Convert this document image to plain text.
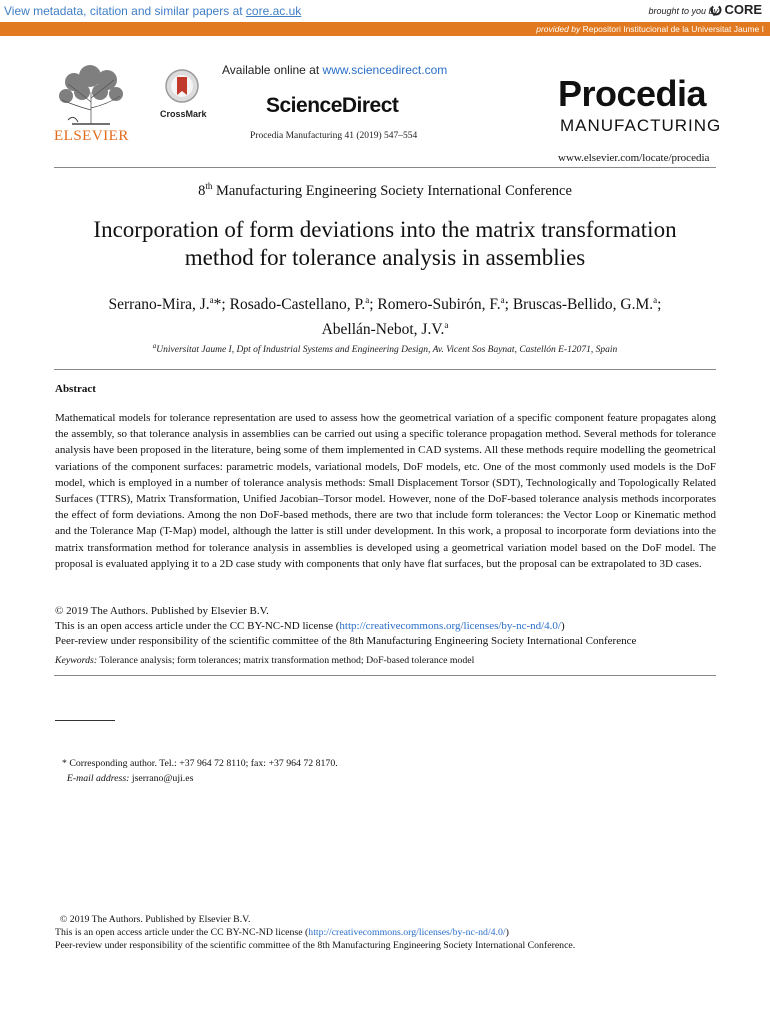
View metadata, citation and similar papers at core.ac.uk	brought to you by CORE
provided by Repositori Institucional de la Universitat Jaume I
ELSEVIER
CrossMark
Available online at www.sciencedirect.com
ScienceDirect
Procedia Manufacturing 41 (2019) 547–554
Procedia
MANUFACTURING
www.elsevier.com/locate/procedia
8th Manufacturing Engineering Society International Conference
Incorporation of form deviations into the matrix transformation
method for tolerance analysis in assemblies
Serrano-Mira, J.$^a$*; Rosado-Castellano, P.$^a$; Romero-Subirón, F.$^a$; Bruscas-Bellido, G.M.$^a$;
Abellán-Nebot, J.V.$^a$
$^a$Universitat Jaume I, Dpt of Industrial Systems and Engineering Design, Av. Vicent Sos Baynat, Castellón E-12071, Spain
Abstract
Mathematical models for tolerance representation are used to assess how the geometrical variation of a specific component feature propagates along the assembly, so that tolerance analysis in assemblies can be carried out using a specific tolerance propagation method. Several methods for tolerance analysis have been proposed in the literature, being some of them implemented in CAD systems. All these methods require modelling the geometrical variations of the component surfaces: parametric models, variational models, DoF models, etc. One of the most commonly used models is the DoF model, which is employed in a number of tolerance analysis methods: Small Displacement Torsor (SDT), Technologically and Topologically Related Surfaces (TTRS), Matrix Transformation, Unified Jacobian–Torsor model. However, none of the DoF-based tolerance analysis methods incorporates the effect of form deviations. Among the non DoF-based methods, there are two that include form tolerances: the Vector Loop or Kinematic method and the Tolerance Map (T-Map) model, although the latter is still under development. In this work, a proposal to incorporate form deviations into the matrix transformation method for tolerance analysis in assemblies is developed using a geometrical variation model based on the DoF model. The proposal is evaluated applying it to a 2D case study with components that only have flat surfaces, but the proposal can be extrapolated to 3D cases.
© 2019 The Authors. Published by Elsevier B.V.
This is an open access article under the CC BY-NC-ND license (http://creativecommons.org/licenses/by-nc-nd/4.0/)
Peer-review under responsibility of the scientific committee of the 8th Manufacturing Engineering Society International Conference
Keywords: Tolerance analysis; form tolerances; matrix transformation method; DoF-based tolerance model
* Corresponding author. Tel.: +37 964 72 8110; fax: +37 964 72 8170.
E-mail address: jserrano@uji.es
© 2019 The Authors. Published by Elsevier B.V.
This is an open access article under the CC BY-NC-ND license (http://creativecommons.org/licenses/by-nc-nd/4.0/)
Peer-review under responsibility of the scientific committee of the 8th Manufacturing Engineering Society International Conference.
